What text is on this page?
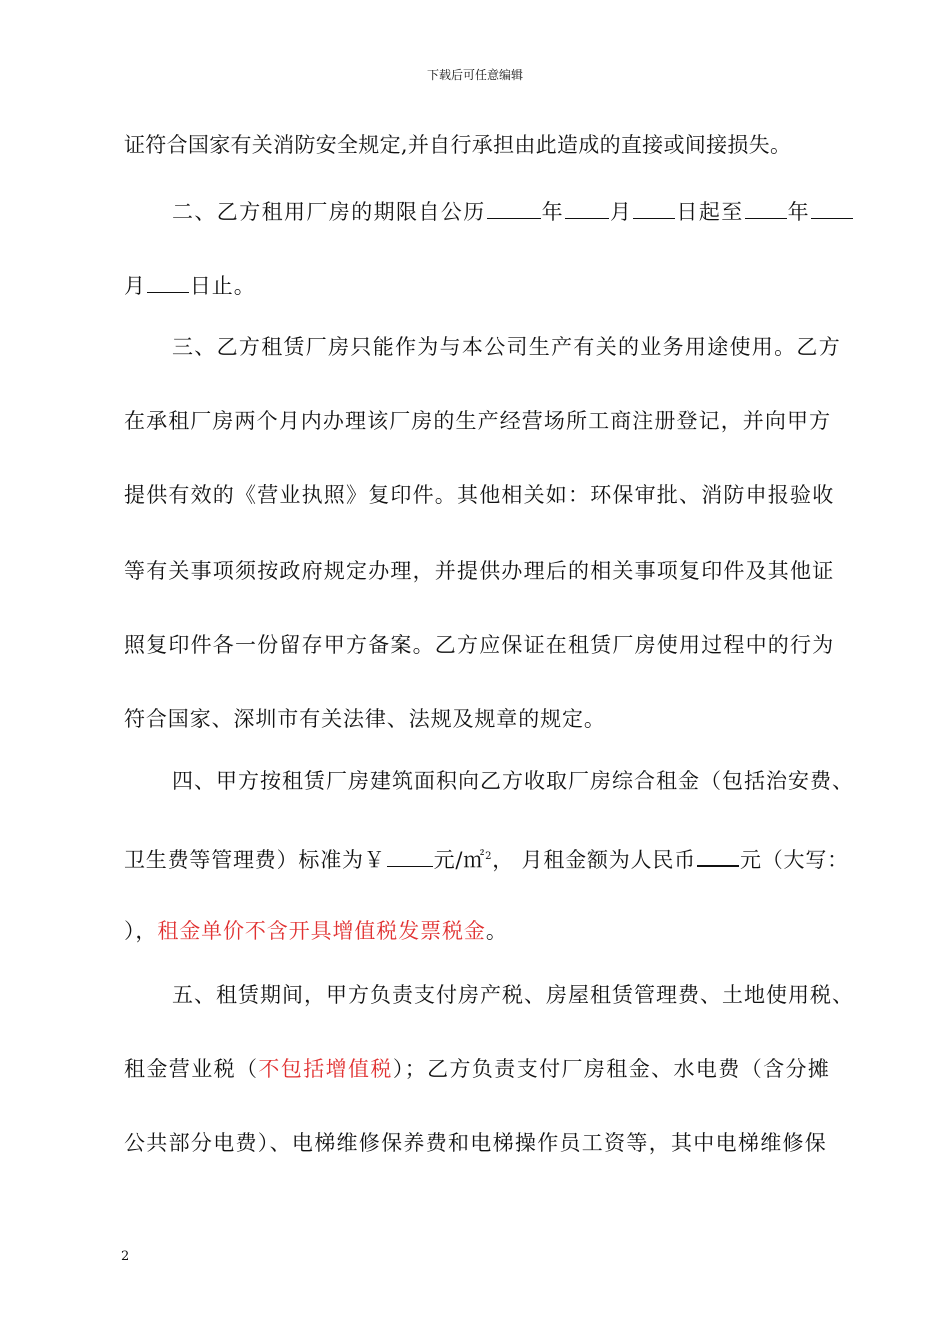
下载后可任意编辑
证符合国家有关消防安全规定,并自行承担由此造成的直接或间接损失。
二、乙方租用厂房的期限自公历	年 月 日起至 年
月 日止。
三、乙方租赁厂房只能作为与本公司生产有关的业务用途使用。乙方
在承租厂房两个月内办理该厂房的生产经营场所工商注册登记，并向甲方
提供有效的《营业执照》复印件。其他相关如：环保审批、消防申报验收
等有关事项须按政府规定办理，并提供办理后的相关事项复印件及其他证
照复印件各一份留存甲方备案。乙方应保证在租赁厂房使用过程中的行为
符合国家、深圳市有关法律、法规及规章的规定。
四、甲方按租赁厂房建筑面积向乙方收取厂房综合租金（包括治安费、
卫生费等管理费）标准为￥ 元/㎡$^2$， 月租金额为人民币 元（大写：
），租金单价不含开具增值税发票税金。
五、租赁期间，甲方负责支付房产税、房屋租赁管理费、土地使用税、
租金营业税（不包括增值税）；乙方负责支付厂房租金、水电费（含分摊
公共部分电费）、电梯维修保养费和电梯操作员工资等，其中电梯维修保
2
